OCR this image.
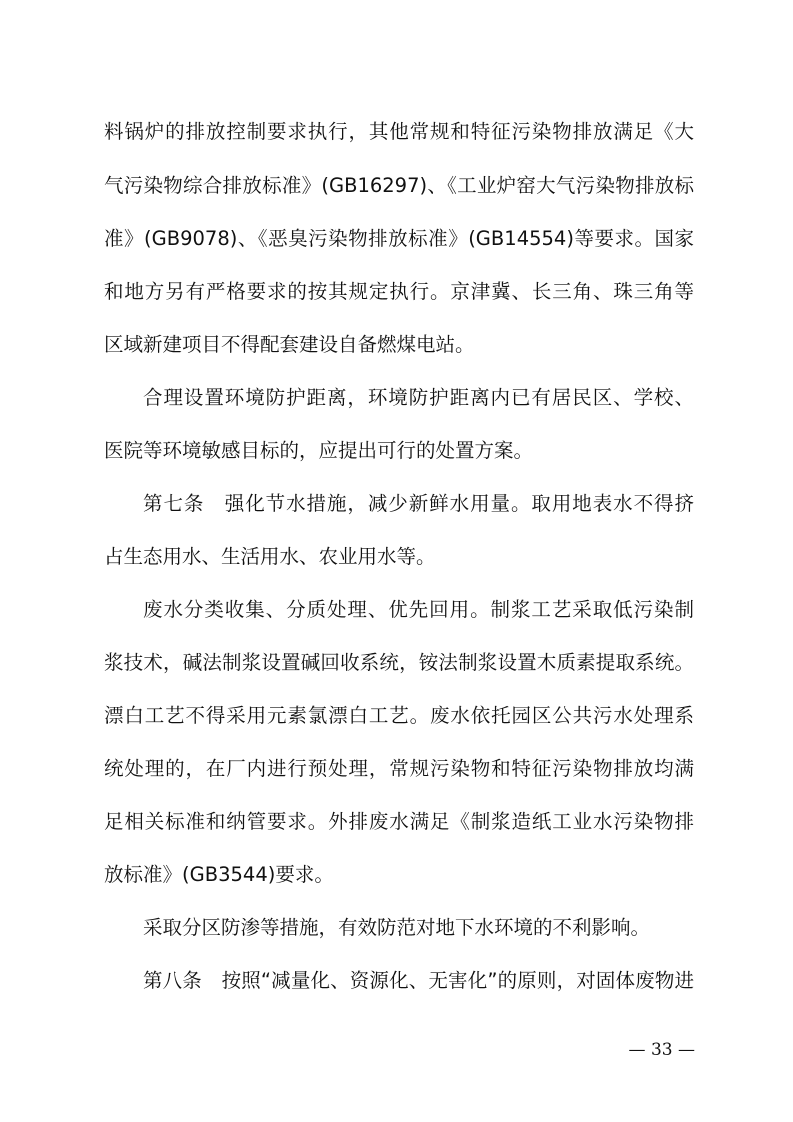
料锅炉的排放控制要求执行，其他常规和特征污染物排放满足《大
气污染物综合排放标准》(GB16297)、《工业炉窑大气污染物排放标
准》(GB9078)、《恶臭污染物排放标准》(GB14554)等要求。国家
和地方另有严格要求的按其规定执行。京津冀、长三角、珠三角等
区域新建项目不得配套建设自备燃煤电站。
合理设置环境防护距离，环境防护距离内已有居民区、学校、
医院等环境敏感目标的，应提出可行的处置方案。
第七条　强化节水措施，减少新鲜水用量。取用地表水不得挤
占生态用水、生活用水、农业用水等。
废水分类收集、分质处理、优先回用。制浆工艺采取低污染制
浆技术，碱法制浆设置碱回收系统，铵法制浆设置木质素提取系统。
漂白工艺不得采用元素氯漂白工艺。废水依托园区公共污水处理系
统处理的，在厂内进行预处理，常规污染物和特征污染物排放均满
足相关标准和纳管要求。外排废水满足《制浆造纸工业水污染物排
放标准》(GB3544)要求。
采取分区防渗等措施，有效防范对地下水环境的不利影响。
第八条　按照“减量化、资源化、无害化”的原则，对固体废物进
— 33 —
